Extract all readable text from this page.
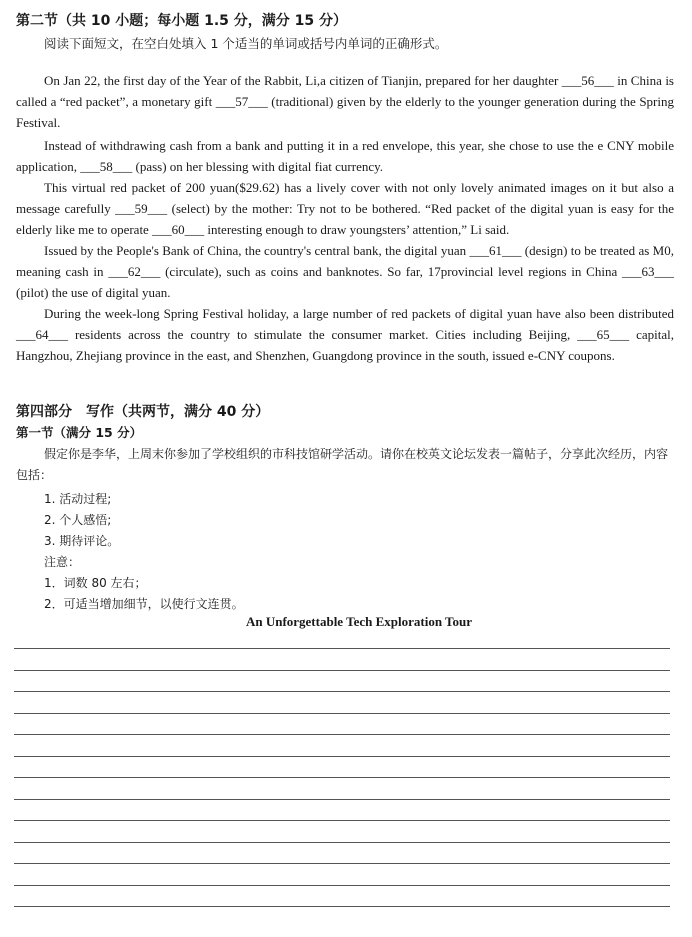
第二节（共 10 小题；每小题 1.5 分，满分 15 分）
阅读下面短文，在空白处填入 1 个适当的单词或括号内单词的正确形式。

On Jan 22, the first day of the Year of the Rabbit, Li,a citizen of Tianjin, prepared for her daughter ___56___ in China is called a “red packet”, a monetary gift ___57___ (traditional) given by the elderly to the younger generation during the Spring Festival.

Instead of withdrawing cash from a bank and putting it in a red envelope, this year, she chose to use the e CNY mobile application, ___58___ (pass) on her blessing with digital fiat currency.

This virtual red packet of 200 yuan($29.62) has a lively cover with not only lovely animated images on it but also a message carefully ___59___ (select) by the mother: Try not to be bothered. “Red packet of the digital yuan is easy for the elderly like me to operate ___60___ interesting enough to draw youngsters’ attention,” Li said.

Issued by the People's Bank of China, the country's central bank, the digital yuan ___61___ (design) to be treated as M0, meaning cash in ___62___ (circulate), such as coins and banknotes. So far, 17provincial level regions in China ___63___ (pilot) the use of digital yuan.

During the week-long Spring Festival holiday, a large number of red packets of digital yuan have also been distributed ___64___ residents across the country to stimulate the consumer market. Cities including Beijing, ___65___ capital, Hangzhou, Zhejiang province in the east, and Shenzhen, Guangdong province in the south, issued e-CNY coupons.

第四部分　写作（共两节，满分 40 分）
第一节（满分 15 分）
假定你是李华，上周末你参加了学校组织的市科技馆研学活动。请你在校英文论坛发表一篇帖子，分享此次经历，内容包括：
1. 活动过程;
2. 个人感悟;
3. 期待评论。
注意：
1．词数 80 左右；
2．可适当增加细节，以使行文连贯。
An Unforgettable Tech Exploration Tour
